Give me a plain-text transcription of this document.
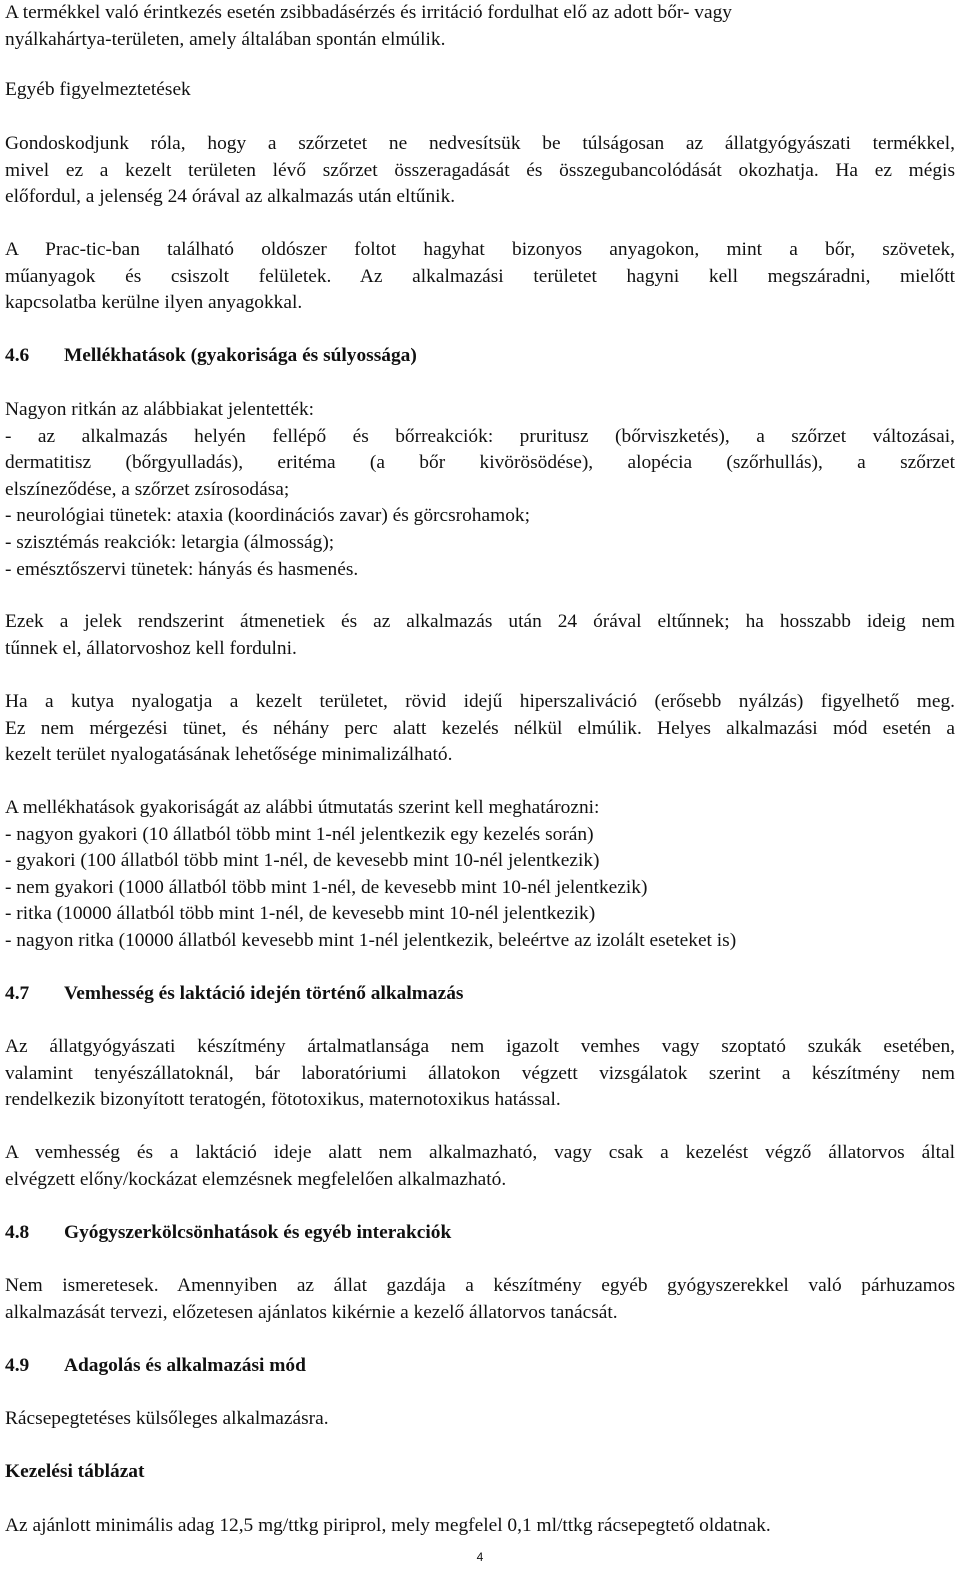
A termékkel való érintkezés esetén zsibbadásérzés és irritáció fordulhat elő az adott bőr- vagy
nyálkahártya-területen, amely általában spontán elmúlik.

Egyéb figyelmeztetések

Gondoskodjunk róla, hogy a szőrzetet ne nedvesítsük be túlságosan az állatgyógyászati termékkel,
mivel ez a kezelt területen lévő szőrzet összeragadását és összegubancolódását okozhatja. Ha ez mégis
előfordul, a jelenség 24 órával az alkalmazás után eltűnik.

A Prac-tic-ban található oldószer foltot hagyhat bizonyos anyagokon, mint a bőr, szövetek,
műanyagok és csiszolt felületek. Az alkalmazási területet hagyni kell megszáradni, mielőtt
kapcsolatba kerülne ilyen anyagokkal.

4.6	Mellékhatások (gyakorisága és súlyossága)

Nagyon ritkán az alábbiakat jelentették:
- az alkalmazás helyén fellépő és bőrreakciók: pruritusz (bőrviszketés), a szőrzet változásai,
dermatitisz (bőrgyulladás), eritéma (a bőr kivörösödése), alopécia (szőrhullás), a szőrzet
elszíneződése, a szőrzet zsírosodása;
- neurológiai tünetek: ataxia (koordinációs zavar) és görcsrohamok;
- szisztémás reakciók: letargia (álmosság);
- emésztőszervi tünetek: hányás és hasmenés.

Ezek a jelek rendszerint átmenetiek és az alkalmazás után 24 órával eltűnnek; ha hosszabb ideig nem
tűnnek el, állatorvoshoz kell fordulni.

Ha a kutya nyalogatja a kezelt területet, rövid idejű hiperszaliváció (erősebb nyálzás) figyelhető meg.
Ez nem mérgezési tünet, és néhány perc alatt kezelés nélkül elmúlik. Helyes alkalmazási mód esetén a
kezelt terület nyalogatásának lehetősége minimalizálható.

A mellékhatások gyakoriságát az alábbi útmutatás szerint kell meghatározni:
- nagyon gyakori (10 állatból több mint 1-nél jelentkezik egy kezelés során)
- gyakori (100 állatból több mint 1-nél, de kevesebb mint 10-nél jelentkezik)
- nem gyakori (1000 állatból több mint 1-nél, de kevesebb mint 10-nél jelentkezik)
- ritka (10000 állatból több mint 1-nél, de kevesebb mint 10-nél jelentkezik)
- nagyon ritka (10000 állatból kevesebb mint 1-nél jelentkezik, beleértve az izolált eseteket is)

4.7	Vemhesség és laktáció idején történő alkalmazás

Az állatgyógyászati készítmény ártalmatlansága nem igazolt vemhes vagy szoptató szukák esetében,
valamint tenyészállatoknál, bár laboratóriumi állatokon végzett vizsgálatok szerint a készítmény nem
rendelkezik bizonyított teratogén, fötotoxikus, maternotoxikus hatással.

A vemhesség és a laktáció ideje alatt nem alkalmazható, vagy csak a kezelést végző állatorvos által
elvégzett előny/kockázat elemzésnek megfelelően alkalmazható.

4.8	Gyógyszerkölcsönhatások és egyéb interakciók

Nem ismeretesek. Amennyiben az állat gazdája a készítmény egyéb gyógyszerekkel való párhuzamos
alkalmazását tervezi, előzetesen ajánlatos kikérnie a kezelő állatorvos tanácsát.

4.9	Adagolás és alkalmazási mód

Rácsepegtetéses külsőleges alkalmazásra.

Kezelési táblázat

Az ajánlott minimális adag 12,5 mg/ttkg piriprol, mely megfelel 0,1 ml/ttkg rácsepegtető oldatnak.

4
